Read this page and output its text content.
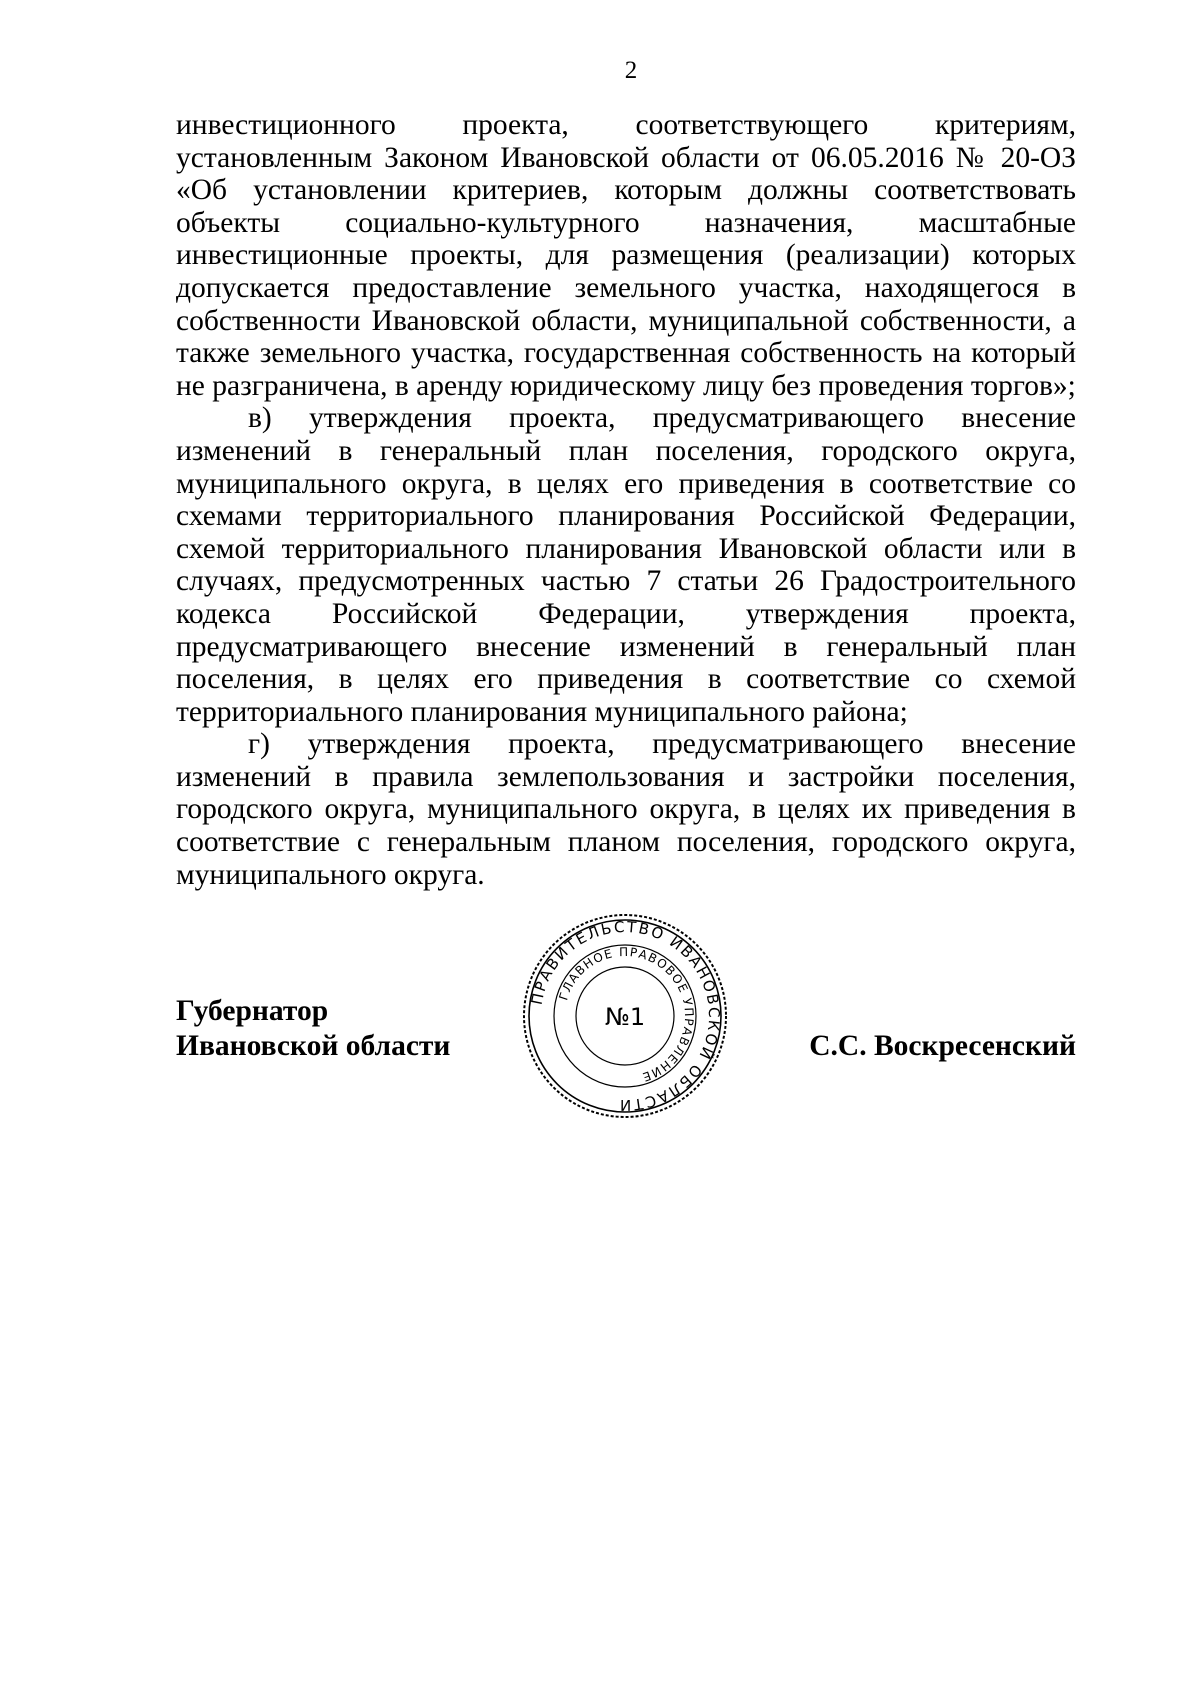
2

инвестиционного проекта, соответствующего критериям, установленным Законом Ивановской области от 06.05.2016 № 20-ОЗ «Об установлении критериев, которым должны соответствовать объекты социально-культурного назначения, масштабные инвестиционные проекты, для размещения (реализации) которых допускается предоставление земельного участка, находящегося в собственности Ивановской области, муниципальной собственности, а также земельного участка, государственная собственность на который не разграничена, в аренду юридическому лицу без проведения торгов»;

в) утверждения проекта, предусматривающего внесение изменений в генеральный план поселения, городского округа, муниципального округа, в целях его приведения в соответствие со схемами территориального планирования Российской Федерации, схемой территориального планирования Ивановской области или в случаях, предусмотренных частью 7 статьи 26 Градостроительного кодекса Российской Федерации, утверждения проекта, предусматривающего внесение изменений в генеральный план поселения, в целях его приведения в соответствие со схемой территориального планирования муниципального района;

г) утверждения проекта, предусматривающего внесение изменений в правила землепользования и застройки поселения, городского округа, муниципального округа, в целях их приведения в соответствие с генеральным планом поселения, городского округа, муниципального округа.

Губернатор
Ивановской области
ПРАВИТЕЛЬСТВО ИВАНОВСКОЙ ОБЛАСТИ
ГЛАВНОЕ ПРАВОВОЕ УПРАВЛЕНИЕ
№1
С.С. Воскресенский
